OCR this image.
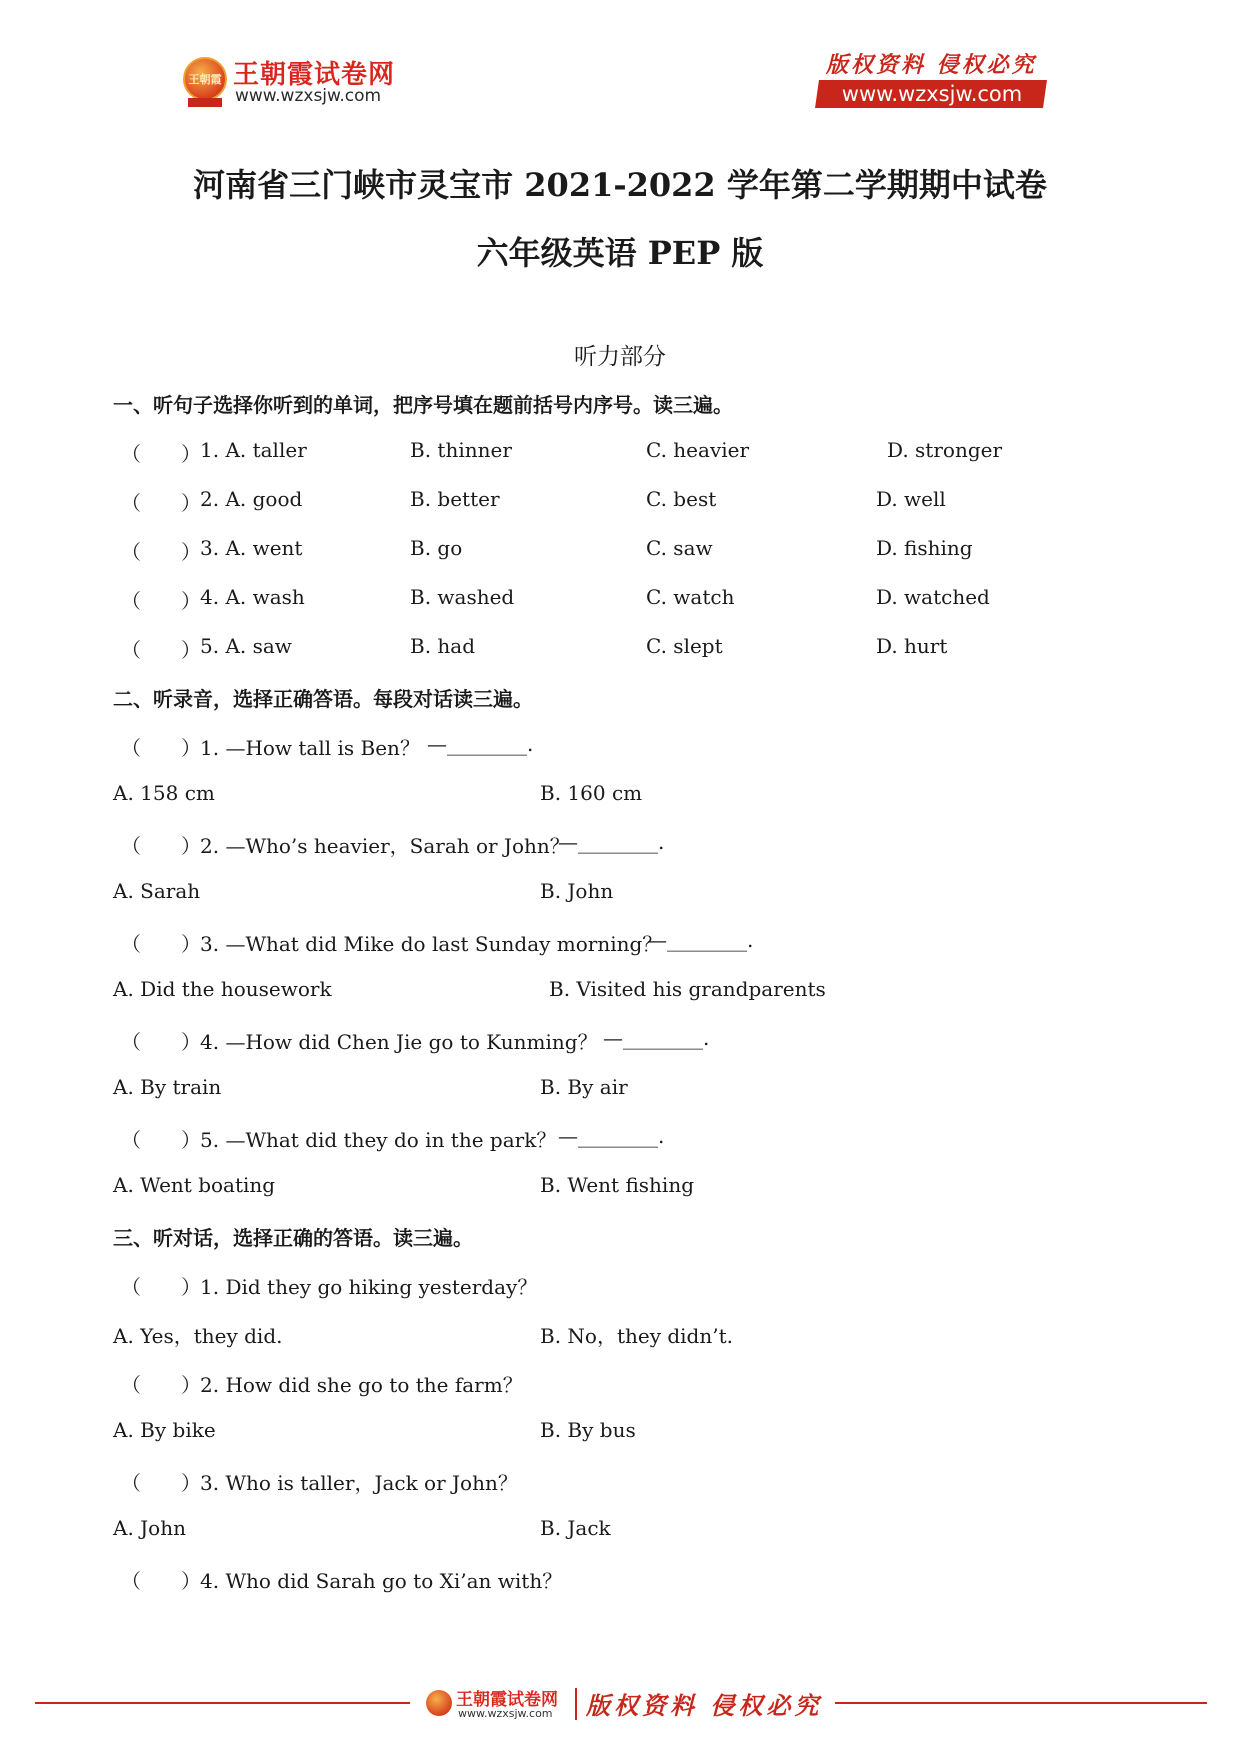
王朝霞 王朝霞试卷网
www.wzxsjw.com
版权资料 侵权必究
www.wzxsjw.com
河南省三门峡市灵宝市 2021-2022 学年第二学期期中试卷
六年级英语 PEP 版
听力部分
一、听句子选择你听到的单词，把序号填在题前括号内序号。读三遍。
（　　） 1. A. taller	B. thinner	C. heavier	D. stronger
（　　） 2. A. good	B. better	C. best	D. well
（　　） 3. A. went	B. go	C. saw	D. fishing
（　　） 4. A. wash	B. washed	C. watch	D. watched
（　　） 5. A. saw	B. had	C. slept	D. hurt
二、听录音，选择正确答语。每段对话读三遍。
（　　） 1. —How tall is Ben？ —________.
A. 158 cm	B. 160 cm
（　　） 2. —Who’s heavier，Sarah or John？
—________.
A. Sarah	B. John
（　　） 3. —What did Mike do last Sunday morning？
—________.
A. Did the housework	B. Visited his grandparents
（　　） 4. —How did Chen Jie go to Kunming？ —________.
A. By train	B. By air
（　　） 5. —What did they do in the park？ —________.
A. Went boating	B. Went fishing
三、听对话，选择正确的答语。读三遍。
（　　） 1. Did they go hiking yesterday？
A. Yes，they did.	B. No，they didn’t.
（　　） 2. How did she go to the farm？
A. By bike	B. By bus
（　　） 3. Who is taller，Jack or John？
A. John	B. Jack
（　　） 4. Who did Sarah go to Xi’an with？
王朝霞试卷网
www.wzxsjw.com 版权资料 侵权必究
